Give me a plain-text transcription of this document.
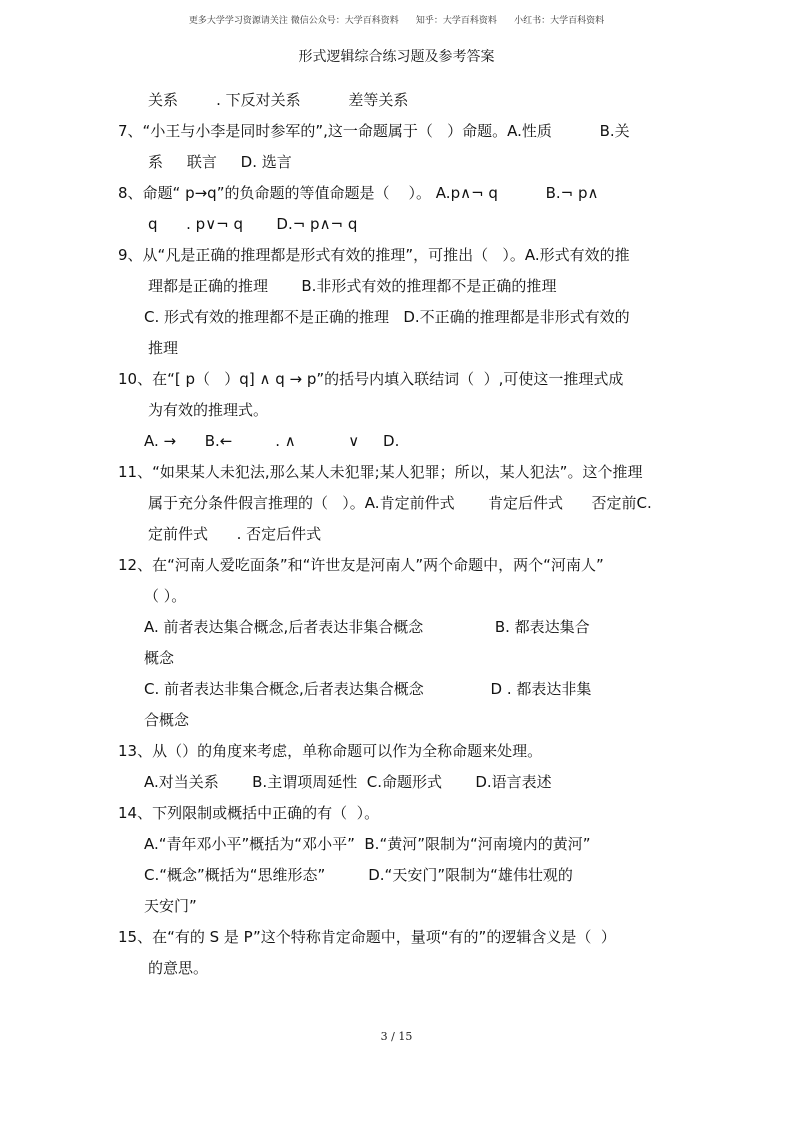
更多大学学习资源请关注 微信公众号：大学百科资料      知乎：大学百科资料      小红书：大学百科资料
形式逻辑综合练习题及参考答案
关系        . 下反对关系          差等关系
7、“小王与小李是同时参军的”,这一命题属于（   ）命题。A.性质          B.关
系     联言     D. 选言
8、命题“ p→q”的负命题的等值命题是（    ）。 A.p∧¬ q          B.¬ p∧
q      . p∨¬ q       D.¬ p∧¬ q
9、从“凡是正确的推理都是形式有效的推理”，可推出（   ）。A.形式有效的推
理都是正确的推理       B.非形式有效的推理都不是正确的推理
C. 形式有效的推理都不是正确的推理   D.不正确的推理都是非形式有效的
推理
10、在“[ p（   ）q] ∧ q → p”的括号内填入联结词（  ）,可使这一推理式成
为有效的推理式。
A. →      B.←         . ∧           ∨     D.
11、“如果某人未犯法,那么某人未犯罪;某人犯罪；所以，某人犯法”。这个推理
属于充分条件假言推理的（   ）。A.肯定前件式       肯定后件式      否定前C.
定前件式      . 否定后件式
12、在“河南人爱吃面条”和“许世友是河南人”两个命题中，两个“河南人”
（ ）。
A. 前者表达集合概念,后者表达非集合概念               B. 都表达集合
概念
C. 前者表达非集合概念,后者表达集合概念              D . 都表达非集
合概念
13、从（）的角度来考虑，单称命题可以作为全称命题来处理。
A.对当关系       B.主谓项周延性  C.命题形式       D.语言表述
14、下列限制或概括中正确的有（  ）。
A.“青年邓小平”概括为“邓小平”  B.“黄河”限制为“河南境内的黄河”
C.“概念”概括为“思维形态”         D.“天安门”限制为“雄伟壮观的
天安门”
15、在“有的 S 是 P”这个特称肯定命题中，量项“有的”的逻辑含义是（  ）
的意思。
3 / 15
